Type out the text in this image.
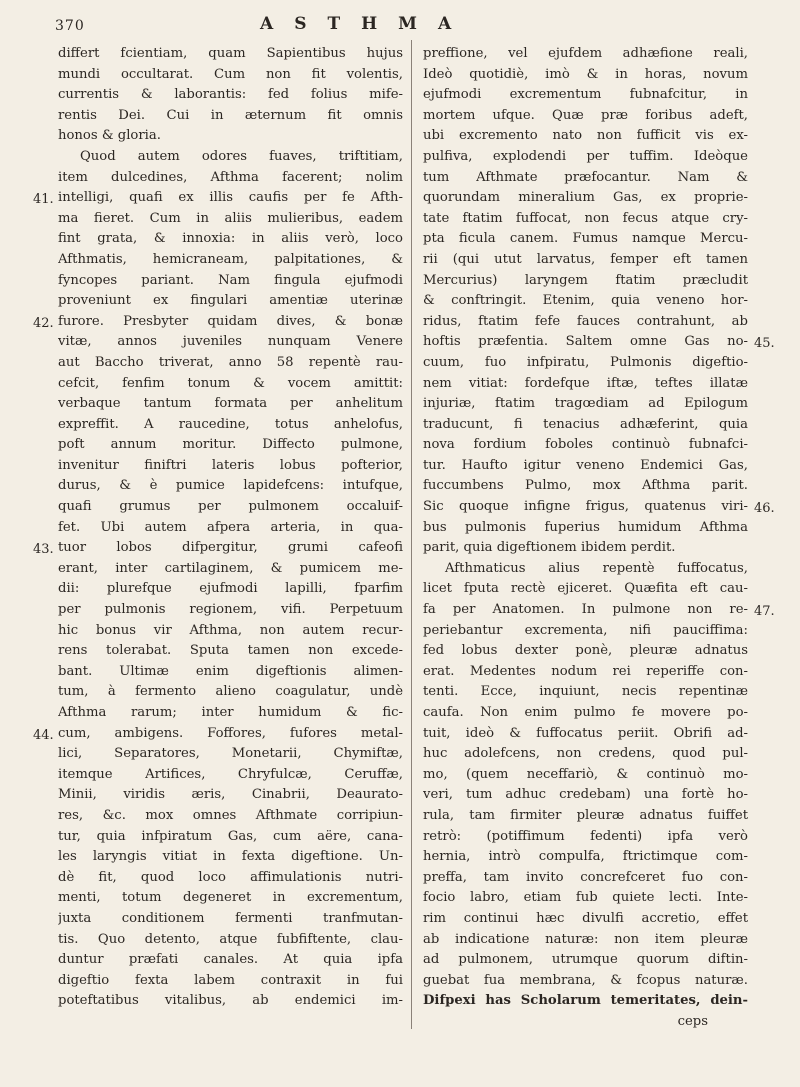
370	ASTHMA
differt fcientiam, quam Sapientibus hujus
mundi occultarat. Cum non fit volentis,
currentis & laborantis: fed folius mife-
rentis Dei. Cui in æternum fit omnis
honos & gloria.
Quod autem odores fuaves, triftitiam,
item dulcedines, Afthma facerent; nolim
intelligi, quafi ex illis caufis per fe Afth-
ma fieret. Cum in aliis mulieribus, eadem
fint grata, & innoxia: in aliis verò, loco
Afthmatis, hemicraneam, palpitationes, &
fyncopes pariant. Nam fingula ejufmodi
proveniunt ex fingulari amentiæ uterinæ
furore. Presbyter quidam dives, & bonæ
vitæ, annos juveniles nunquam Venere
aut Baccho triverat, anno 58 repentè rau-
cefcit, fenfim tonum & vocem amittit:
verbaque tantum formata per anhelitum
expreffit. A raucedine, totus anhelofus,
poft annum moritur. Diffecto pulmone,
invenitur finiftri lateris lobus pofterior,
durus, & è pumice lapidefcens: intufque,
quafi grumus per pulmonem occaluif-
fet. Ubi autem afpera arteria, in qua-
tuor lobos difpergitur, grumi cafeofi
erant, inter cartilaginem, & pumicem me-
dii: plurefque ejufmodi lapilli, fparfim
per pulmonis regionem, vifi. Perpetuum
hic bonus vir Afthma, non autem recur-
rens tolerabat. Sputa tamen non excede-
bant. Ultimæ enim digeftionis alimen-
tum, à fermento alieno coagulatur, undè
Afthma rarum; inter humidum & fic-
cum, ambigens. Foffores, fufores metal-
lici, Separatores, Monetarii, Chymiftæ,
itemque Artifices, Chryfulcæ, Ceruffæ,
Minii, viridis æris, Cinabrii, Deaurato-
res, &c. mox omnes Afthmate corripiun-
tur, quia infpiratum Gas, cum aëre, cana-
les laryngis vitiat in fexta digeftione. Un-
dè fit, quod loco affimulationis nutri-
menti, totum degeneret in excrementum,
juxta conditionem fermenti tranfmutan-
tis. Quo detento, atque fubfiftente, clau-
duntur præfati canales. At quia ipfa
digeftio fexta labem contraxit in fui
poteftatibus vitalibus, ab endemici im-
preffione, vel ejufdem adhæfione reali,
Ideò quotidiè, imò & in horas, novum
ejufmodi excrementum fubnafcitur, in
mortem ufque. Quæ præ foribus adeft,
ubi excremento nato non fufficit vis ex-
pulfiva, explodendi per tuffim. Ideòque
tum Afthmate præfocantur. Nam &
quorundam mineralium Gas, ex proprie-
tate ftatim fuffocat, non fecus atque cry-
pta ficula canem. Fumus namque Mercu-
rii (qui utut larvatus, femper eft tamen
Mercurius) laryngem ftatim præcludit
& conftringit. Etenim, quia veneno hor-
ridus, ftatim fefe fauces contrahunt, ab
hoftis præfentia. Saltem omne Gas no-
cuum, fuo infpiratu, Pulmonis digeftio-
nem vitiat: fordefque iftæ, teftes illatæ
injuriæ, ftatim tragœdiam ad Epilogum
traducunt, fi tenacius adhæferint, quia
nova fordium foboles continuò fubnafci-
tur. Haufto igitur veneno Endemici Gas,
fuccumbens Pulmo, mox Afthma parit.
Sic quoque infigne frigus, quatenus viri-
bus pulmonis fuperius humidum Afthma
parit, quia digeftionem ibidem perdit.
Afthmaticus alius repentè fuffocatus,
licet fputa rectè ejiceret. Quæfita eft cau-
fa per Anatomen. In pulmone non re-
periebantur excrementa, nifi pauciffima:
fed lobus dexter ponè, pleuræ adnatus
erat. Medentes nodum rei reperiffe con-
tenti. Ecce, inquiunt, necis repentinæ
caufa. Non enim pulmo fe movere po-
tuit, ideò & fuffocatus periit. Obrifi ad-
huc adolefcens, non credens, quod pul-
mo, (quem neceffariò, & continuò mo-
veri, tum adhuc credebam) una fortè ho-
rula, tam firmiter pleuræ adnatus fuiffet
retrò: (potiffimum fedenti) ipfa verò
hernia, intrò compulfa, ftrictimque com-
preffa, tam invito concrefceret fuo con-
focio labro, etiam fub quiete lecti. Inte-
rim continui hæc divulfi accretio, effet
ab indicatione naturæ: non item pleuræ
ad pulmonem, utrumque quorum diftin-
guebat fua membrana, & fcopus naturæ.
Difpexi has Scholarum temeritates, dein-
ceps
41.
42.
43.
44.
45.
46.
47.
